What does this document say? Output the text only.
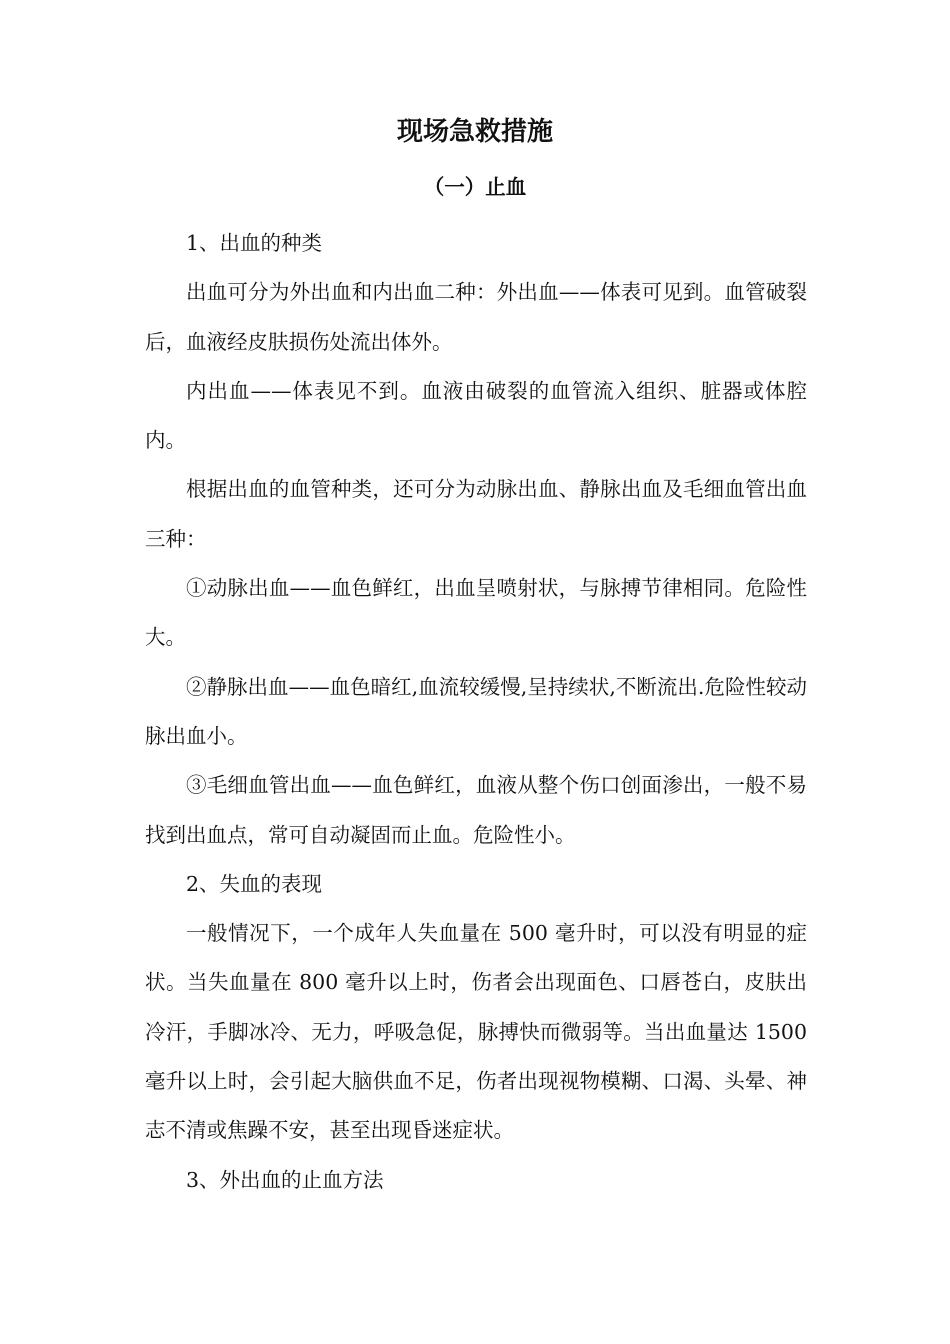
现场急救措施
（一）止血

1、出血的种类

出血可分为外出血和内出血二种：外出血——体表可见到。血管破裂后，血液经皮肤损伤处流出体外。

内出血——体表见不到。血液由破裂的血管流入组织、脏器或体腔内。

根据出血的血管种类，还可分为动脉出血、静脉出血及毛细血管出血三种：

①动脉出血——血色鲜红，出血呈喷射状，与脉搏节律相同。危险性大。

②静脉出血——血色暗红,血流较缓慢,呈持续状,不断流出.危险性较动脉出血小。

③毛细血管出血——血色鲜红，血液从整个伤口创面渗出，一般不易找到出血点，常可自动凝固而止血。危险性小。

2、失血的表现

一般情况下，一个成年人失血量在 500 毫升时，可以没有明显的症状。当失血量在 800 毫升以上时，伤者会出现面色、口唇苍白，皮肤出冷汗，手脚冰冷、无力，呼吸急促，脉搏快而微弱等。当出血量达 1500 毫升以上时，会引起大脑供血不足，伤者出现视物模糊、口渴、头晕、神志不清或焦躁不安，甚至出现昏迷症状。

3、外出血的止血方法
